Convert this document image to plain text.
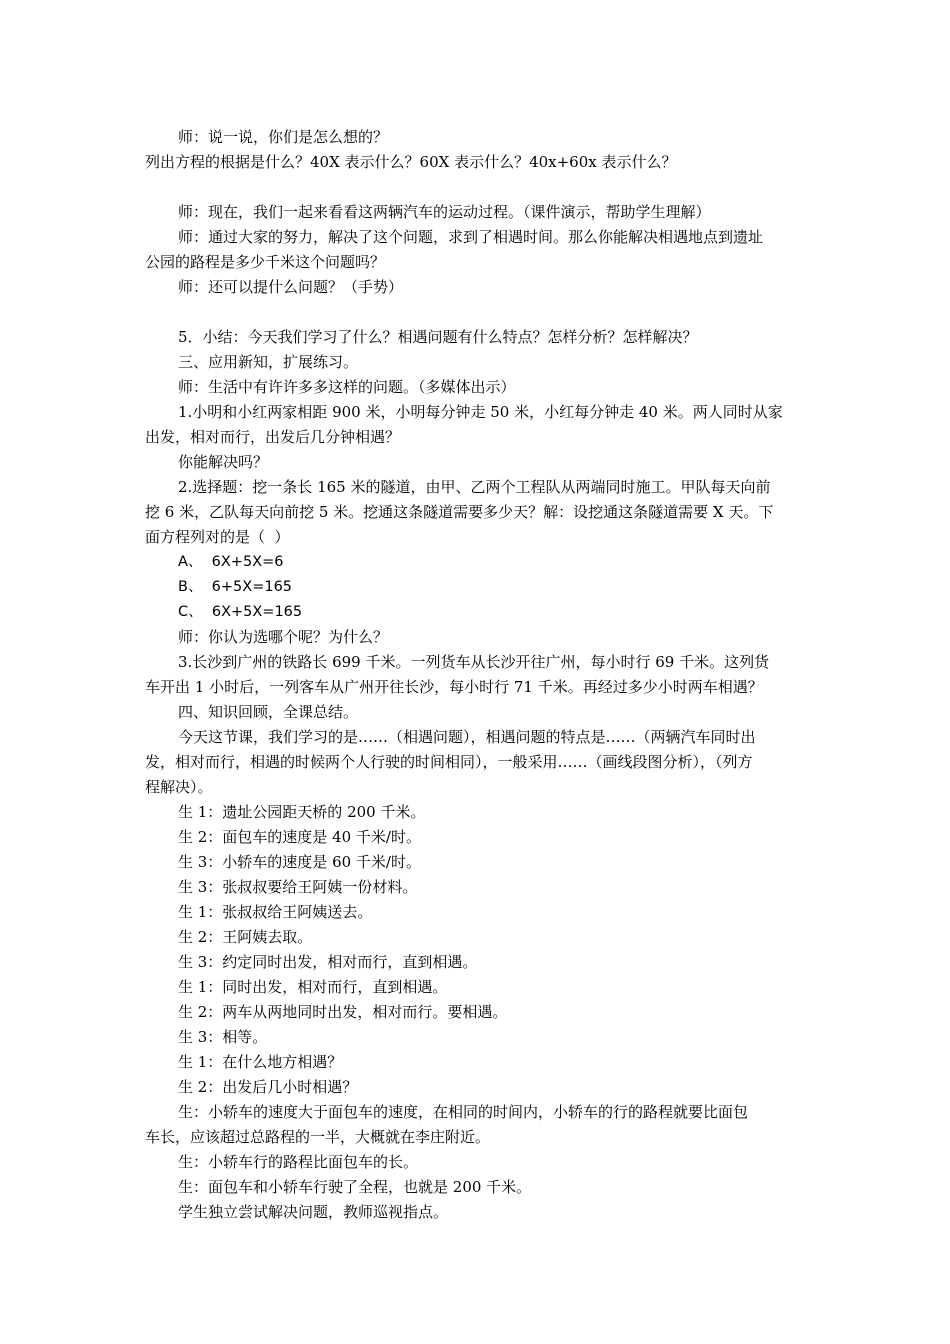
师：说一说，你们是怎么想的？
列出方程的根据是什么？40X 表示什么？60X 表示什么？40x+60x 表示什么？
师：现在，我们一起来看看这两辆汽车的运动过程。（课件演示，帮助学生理解）
师：通过大家的努力，解决了这个问题，求到了相遇时间。那么你能解决相遇地点到遗址
公园的路程是多少千米这个问题吗？
师：还可以提什么问题？（手势）
5．小结：今天我们学习了什么？相遇问题有什么特点？怎样分析？怎样解决？
三、应用新知，扩展练习。
师：生活中有许许多多这样的问题。（多媒体出示）
1.小明和小红两家相距 900 米，小明每分钟走 50 米，小红每分钟走 40 米。两人同时从家
出发，相对而行，出发后几分钟相遇？
你能解决吗？
2.选择题：挖一条长 165 米的隧道，由甲、乙两个工程队从两端同时施工。甲队每天向前
挖 6 米，乙队每天向前挖 5 米。挖通这条隧道需要多少天？解：设挖通这条隧道需要 X 天。下
面方程列对的是（  ）
A、  6X+5X=6
B、  6+5X=165
C、  6X+5X=165
师：你认为选哪个呢？为什么？
3.长沙到广州的铁路长 699 千米。一列货车从长沙开往广州，每小时行 69 千米。这列货
车开出 1 小时后，一列客车从广州开往长沙，每小时行 71 千米。再经过多少小时两车相遇？
四、知识回顾，全课总结。
今天这节课，我们学习的是……（相遇问题），相遇问题的特点是……（两辆汽车同时出
发，相对而行，相遇的时候两个人行驶的时间相同），一般采用……（画线段图分析），（列方
程解决）。
生 1：遗址公园距天桥的 200 千米。
生 2：面包车的速度是 40 千米/时。
生 3：小轿车的速度是 60 千米/时。
生 3：张叔叔要给王阿姨一份材料。
生 1：张叔叔给王阿姨送去。
生 2：王阿姨去取。
生 3：约定同时出发，相对而行，直到相遇。
生 1：同时出发，相对而行，直到相遇。
生 2：两车从两地同时出发，相对而行。要相遇。
生 3：相等。
生 1：在什么地方相遇？
生 2：出发后几小时相遇？
生：小轿车的速度大于面包车的速度，在相同的时间内，小轿车的行的路程就要比面包
车长，应该超过总路程的一半，大概就在李庄附近。
生：小轿车行的路程比面包车的长。
生：面包车和小轿车行驶了全程，也就是 200 千米。
学生独立尝试解决问题，教师巡视指点。
